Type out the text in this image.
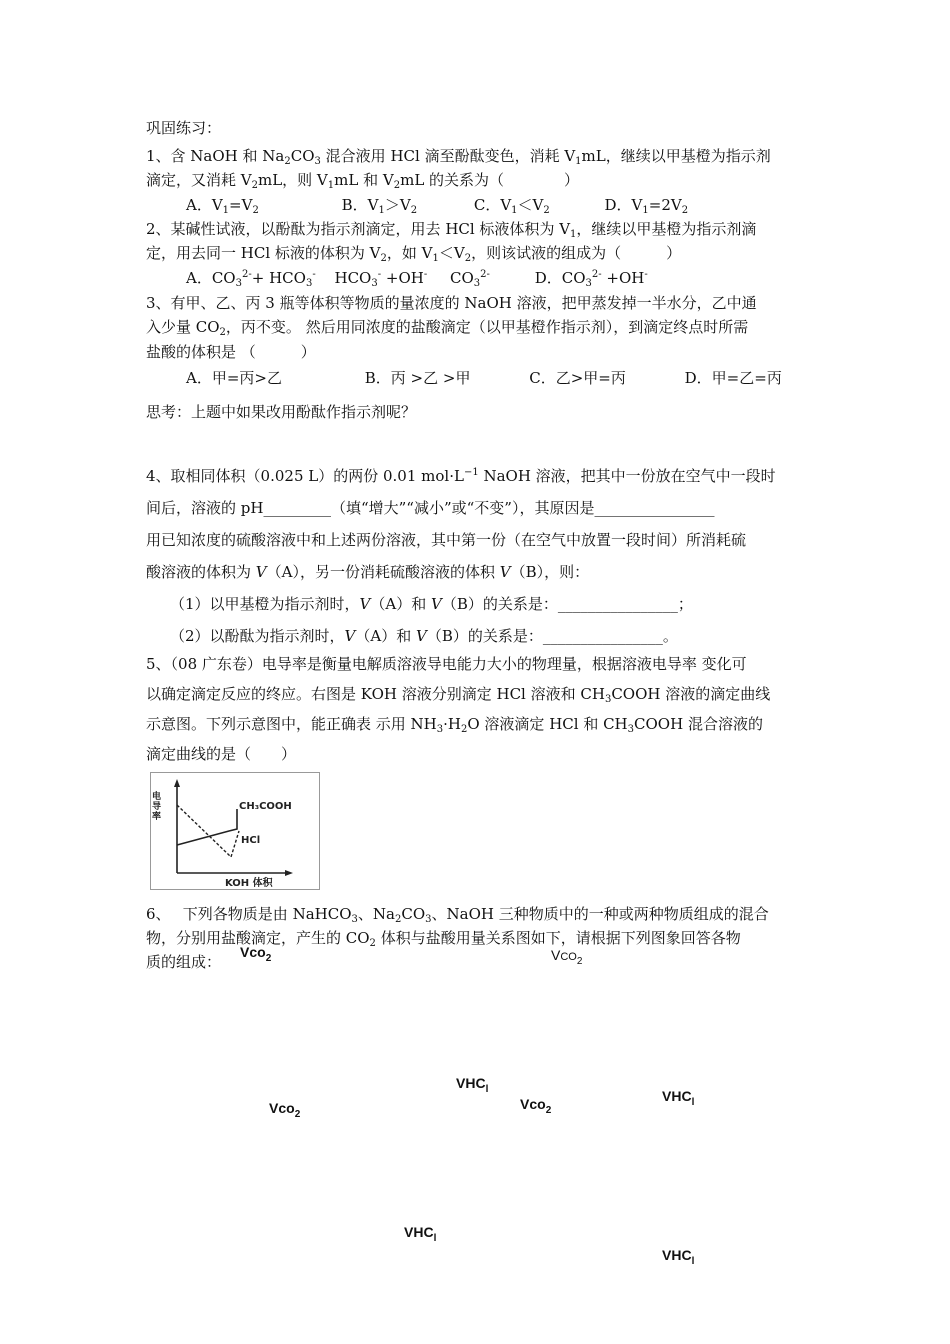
巩固练习：
1、含 NaOH 和 $Na_2CO_3$ 混合液用 HCl 滴至酚酞变色，消耗 $V_1mL$，继续以甲基橙为指示剂
滴定，又消耗 $V_2mL$，则 $V_1mL$ 和 $V_2mL$ 的关系为（　　　　）
A．$V_1=V_2$	B．$V_1>V_2$	C．$V_1<V_2$	D．$V_1=2V_2$
2、某碱性试液，以酚酞为指示剂滴定，用去 HCl 标液体积为 $V_1$，继续以甲基橙为指示剂滴
定，用去同一 HCl 标液的体积为 $V_2$，如 $V_1<V_2$，则该试液的组成为（　　　）
A．$CO_3^{2-}+ HCO_3^-$ $HCO_3^- +OH^-$ $CO_3^{2-}$	D．$CO_3^{2-} +OH^-$
3、有甲、乙、丙 3 瓶等体积等物质的量浓度的 NaOH 溶液，把甲蒸发掉一半水分，乙中通
入少量 $CO_2$，丙不变。 然后用同浓度的盐酸滴定（以甲基橙作指示剂），到滴定终点时所需
盐酸的体积是 （　　　）
A．甲=丙>乙	B．丙 >乙 >甲	C．乙>甲=丙	D．甲=乙=丙
思考：上题中如果改用酚酞作指示剂呢？
4、取相同体积（0.025 L）的两份 0.01 $mol\cdot L^{-1}$ NaOH 溶液，把其中一份放在空气中一段时
间后，溶液的 pH_________（填“增大”“减小”或“不变”），其原因是________________
用已知浓度的硫酸溶液中和上述两份溶液，其中第一份（在空气中放置一段时间）所消耗硫
酸溶液的体积为 V（A），另一份消耗硫酸溶液的体积 V（B），则：
（1）以甲基橙为指示剂时，V（A）和 V（B）的关系是：________________；
（2）以酚酞为指示剂时，V（A）和 V（B）的关系是：________________。
5、（08 广东卷）电导率是衡量电解质溶液导电能力大小的物理量，根据溶液电导率 变化可
以确定滴定反应的终应。右图是 KOH 溶液分别滴定 HCl 溶液和 $CH_3COOH$ 溶液的滴定曲线
示意图。下列示意图中，能正确表 示用 $NH_3\cdot H_2O$ 溶液滴定 HCl 和 $CH_3COOH$ 混合溶液的
滴定曲线的是（　　）
电导率	CH₃COOH
HCl
KOH 体积
6、　 下列各物质是由 NaHCO$_3$、$Na_2CO_3$、NaOH 三种物质中的一种或两种物质组成的混合
物，分别用盐酸滴定，产生的 $CO_2$ 体积与盐酸用量关系图如下，请根据下列图象回答各物
质的组成：
Vco$_2$	$VCO_2$
$VHC_l$
Vco$_2$
Vco$_2$
$VHC_l$
$VHC_l$
$VHC_l$
